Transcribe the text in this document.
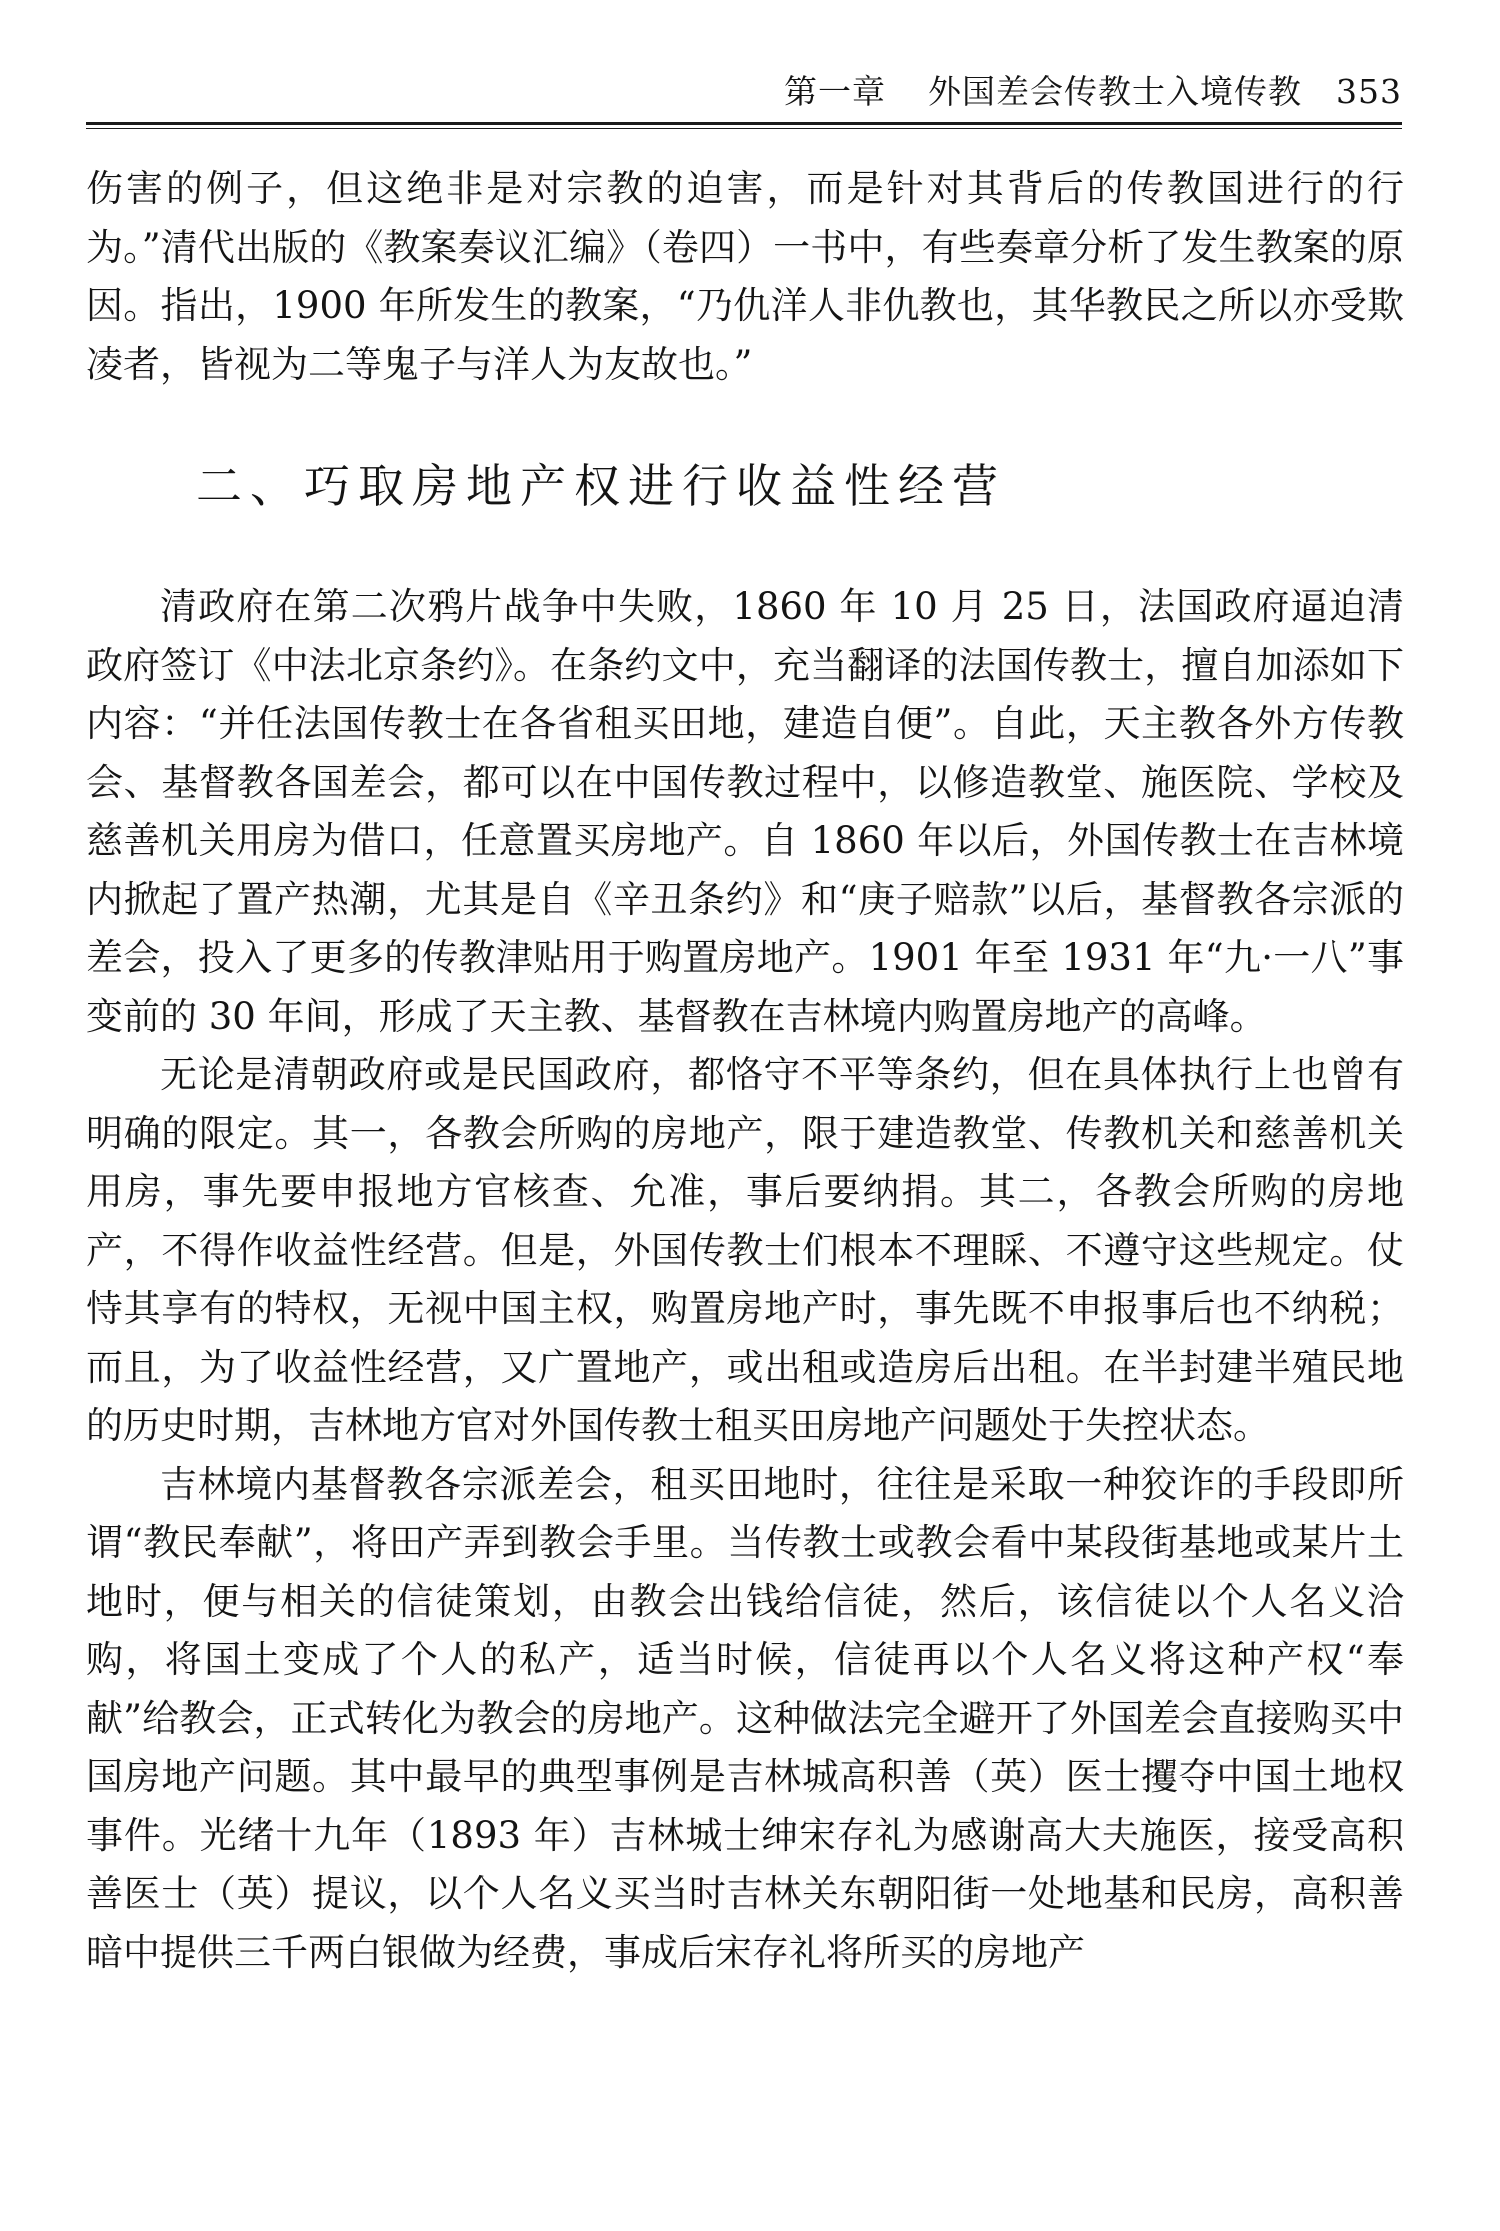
第一章 外国差会传教士入境传教 353

伤害的例子，但这绝非是对宗教的迫害，而是针对其背后的传教国进行的行为。”清代出版的《教案奏议汇编》（卷四）一书中，有些奏章分析了发生教案的原因。指出，1900 年所发生的教案，“乃仇洋人非仇教也，其华教民之所以亦受欺凌者，皆视为二等鬼子与洋人为友故也。”

二、巧取房地产权进行收益性经营

清政府在第二次鸦片战争中失败，1860 年 10 月 25 日，法国政府逼迫清政府签订《中法北京条约》。在条约文中，充当翻译的法国传教士，擅自加添如下内容：“并任法国传教士在各省租买田地，建造自便”。自此，天主教各外方传教会、基督教各国差会，都可以在中国传教过程中，以修造教堂、施医院、学校及慈善机关用房为借口，任意置买房地产。自 1860 年以后，外国传教士在吉林境内掀起了置产热潮，尤其是自《辛丑条约》和“庚子赔款”以后，基督教各宗派的差会，投入了更多的传教津贴用于购置房地产。1901 年至 1931 年“九·一八”事变前的 30 年间，形成了天主教、基督教在吉林境内购置房地产的高峰。

无论是清朝政府或是民国政府，都恪守不平等条约，但在具体执行上也曾有明确的限定。其一，各教会所购的房地产，限于建造教堂、传教机关和慈善机关用房，事先要申报地方官核查、允准，事后要纳捐。其二，各教会所购的房地产，不得作收益性经营。但是，外国传教士们根本不理睬、不遵守这些规定。仗恃其享有的特权，无视中国主权，购置房地产时，事先既不申报事后也不纳税；而且，为了收益性经营，又广置地产，或出租或造房后出租。在半封建半殖民地的历史时期，吉林地方官对外国传教士租买田房地产问题处于失控状态。

吉林境内基督教各宗派差会，租买田地时，往往是采取一种狡诈的手段即所谓“教民奉献”，将田产弄到教会手里。当传教士或教会看中某段街基地或某片土地时，便与相关的信徒策划，由教会出钱给信徒，然后，该信徒以个人名义洽购，将国土变成了个人的私产，适当时候，信徒再以个人名义将这种产权“奉献”给教会，正式转化为教会的房地产。这种做法完全避开了外国差会直接购买中国房地产问题。其中最早的典型事例是吉林城高积善（英）医士攫夺中国土地权事件。光绪十九年（1893 年）吉林城士绅宋存礼为感谢高大夫施医，接受高积善医士（英）提议，以个人名义买当时吉林关东朝阳街一处地基和民房，高积善暗中提供三千两白银做为经费，事成后宋存礼将所买的房地产
